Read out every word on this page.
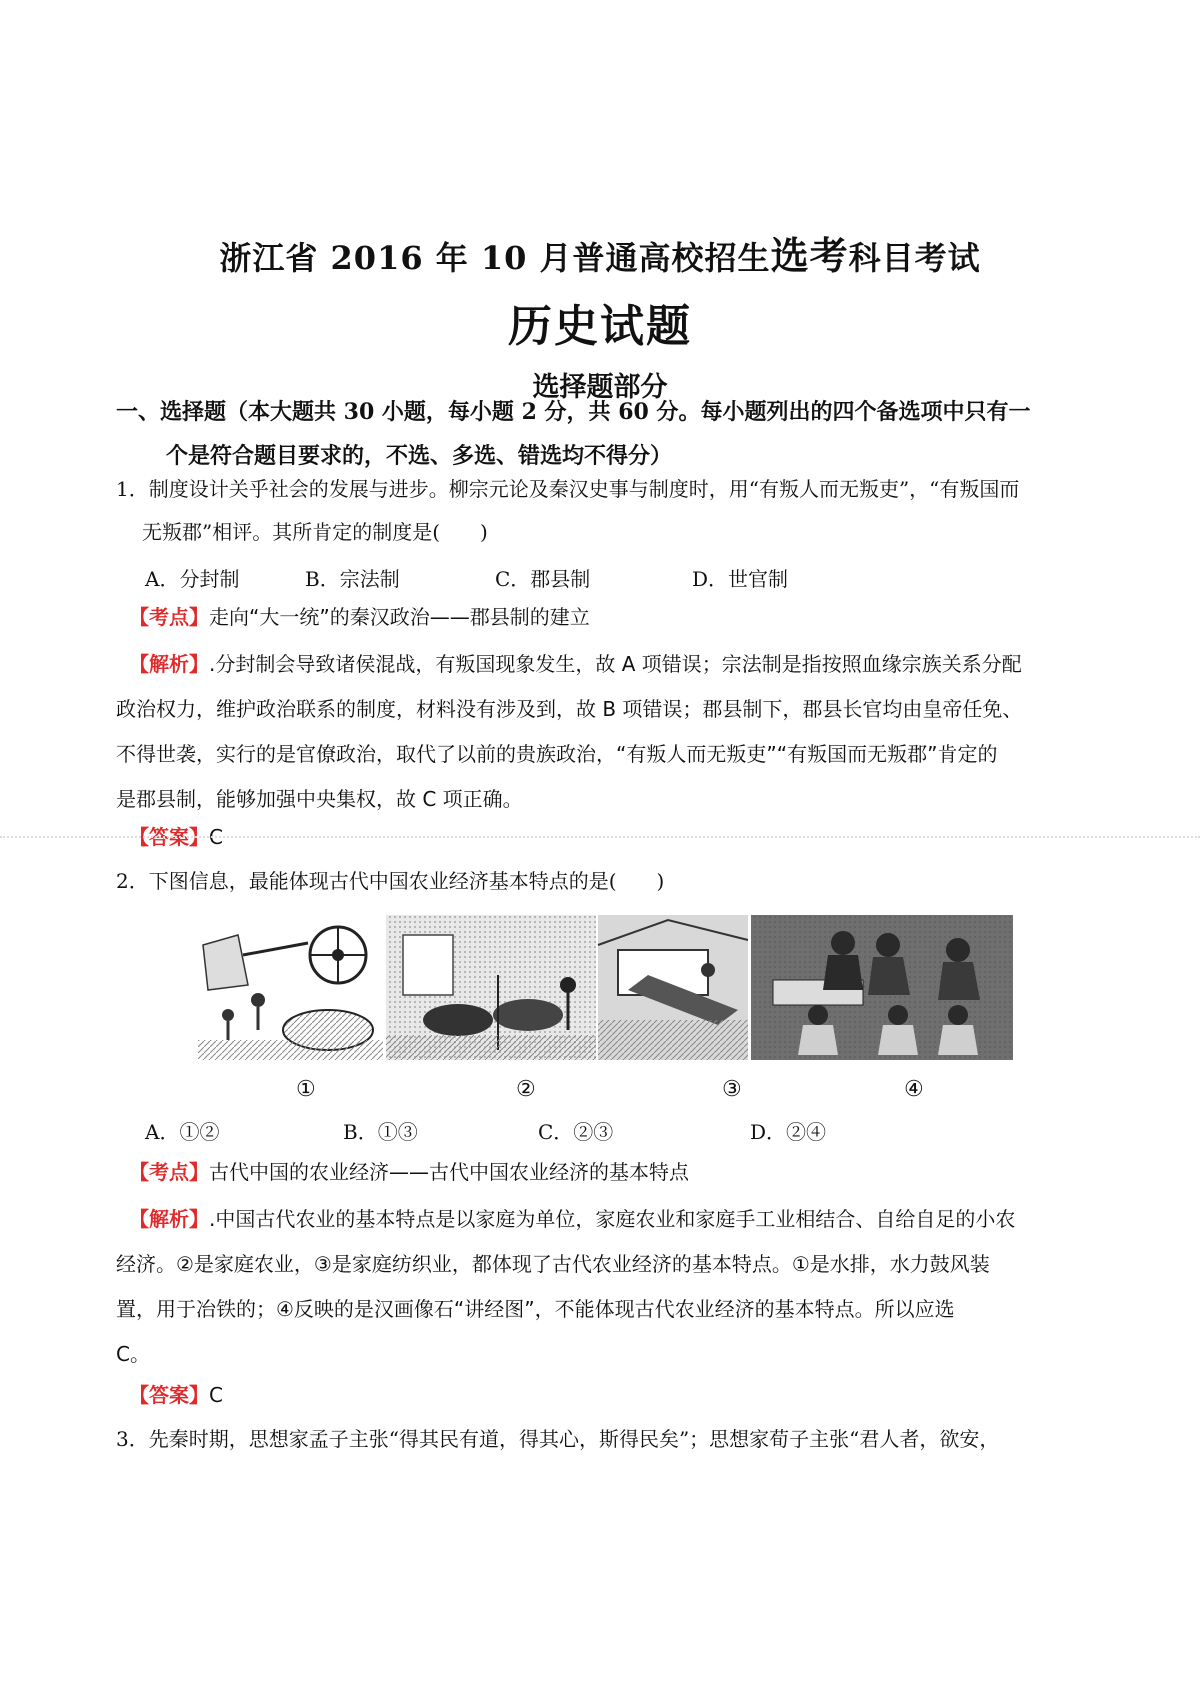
浙江省 2016 年 10 月普通高校招生选考科目考试
历史试题
选择题部分
一、选择题（本大题共 30 小题，每小题 2 分，共 60 分。每小题列出的四个备选项中只有一
个是符合题目要求的，不选、多选、错选均不得分）
1．制度设计关乎社会的发展与进步。柳宗元论及秦汉史事与制度时，用“有叛人而无叛吏”，“有叛国而
无叛郡”相评。其所肯定的制度是(　　)
A．分封制	B．宗法制	C．郡县制	D．世官制
【考点】走向“大一统”的秦汉政治——郡县制的建立
【解析】.分封制会导致诸侯混战，有叛国现象发生，故 A 项错误；宗法制是指按照血缘宗族关系分配
政治权力，维护政治联系的制度，材料没有涉及到，故 B 项错误；郡县制下，郡县长官均由皇帝任免、
不得世袭，实行的是官僚政治，取代了以前的贵族政治，“有叛人而无叛吏”“有叛国而无叛郡”肯定的
是郡县制，能够加强中央集权，故 C 项正确。
【答案】C
2．下图信息，最能体现古代中国农业经济基本特点的是(　　)
①	②	③	④
A．①②	B．①③	C．②③	D．②④
【考点】古代中国的农业经济——古代中国农业经济的基本特点
【解析】.中国古代农业的基本特点是以家庭为单位，家庭农业和家庭手工业相结合、自给自足的小农
经济。②是家庭农业，③是家庭纺织业，都体现了古代农业经济的基本特点。①是水排，水力鼓风装
置，用于冶铁的；④反映的是汉画像石“讲经图”，不能体现古代农业经济的基本特点。所以应选
C。
【答案】C
3．先秦时期，思想家孟子主张“得其民有道，得其心，斯得民矣”；思想家荀子主张“君人者，欲安，
